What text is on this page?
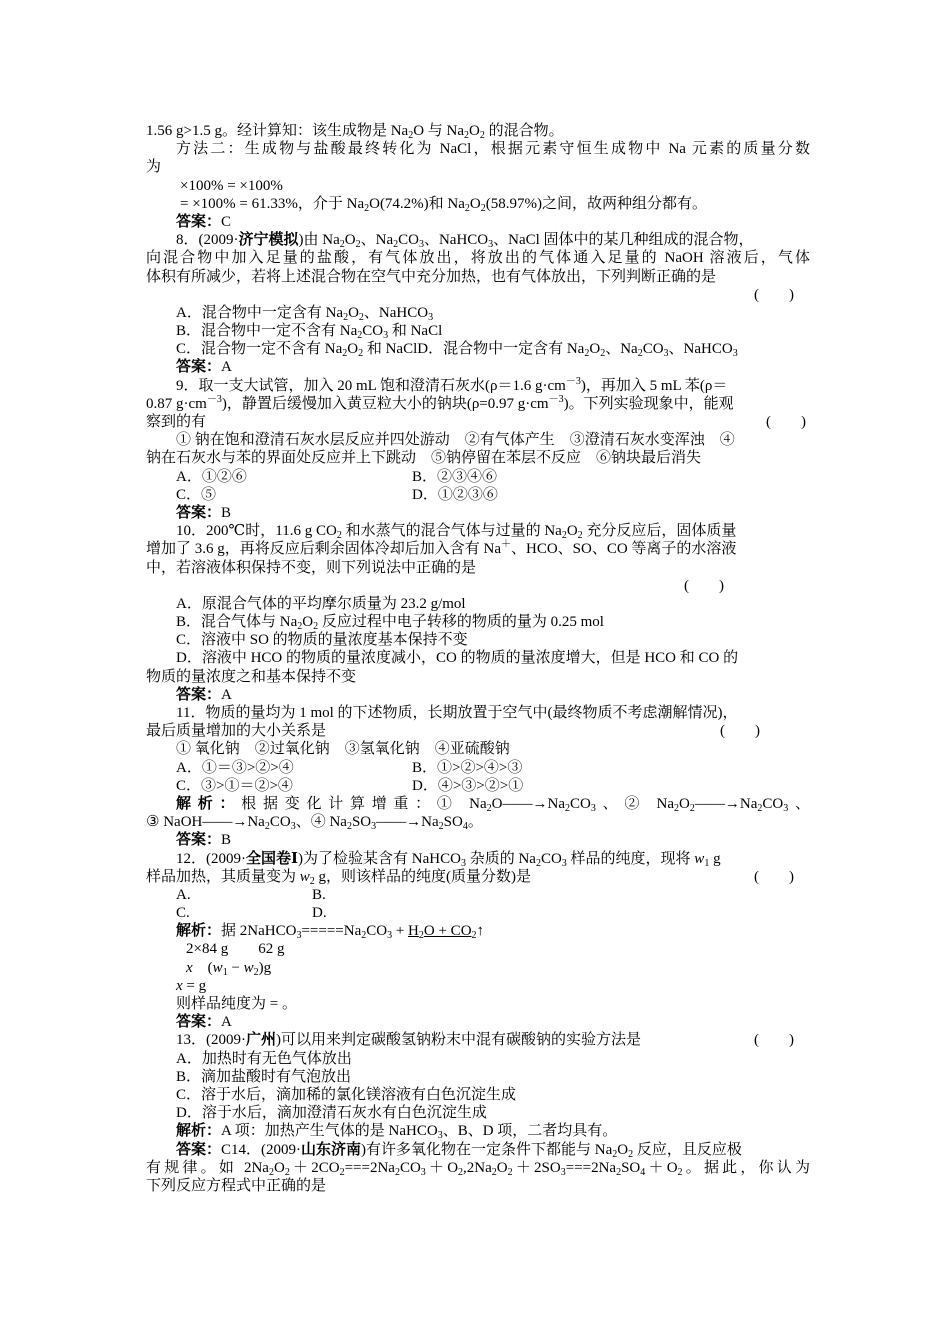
1.56 g>1.5 g。经计算知：该生成物是 $Na_2O$ 与 $Na_2O_2$ 的混合物。
方法二：生成物与盐酸最终转化为 NaCl，根据元素守恒生成物中 Na 元素的质量分数
为
×100% = ×100%
= ×100% = 61.33%，介于 $Na_2O(74.2\%)$和 $Na_2O_2(58.97\%)$之间，故两种组分都有。
答案：C
8．(2009·济宁模拟)由 $Na_2O_2$、$Na_2CO_3$、NaHCO$_3$、NaCl 固体中的某几种组成的混合物，
向混合物中加入足量的盐酸，有气体放出，将放出的气体通入足量的 NaOH 溶液后，气体
体积有所减少，若将上述混合物在空气中充分加热，也有气体放出，下列判断正确的是
(　　)
A．混合物中一定含有 $Na_2O_2$、NaHCO$_3$
B．混合物中一定不含有 $Na_2CO_3$ 和 NaCl
C．混合物一定不含有 $Na_2O_2$ 和 NaClD．混合物中一定含有 $Na_2O_2$、$Na_2CO_3$、NaHCO$_3$
答案：A
9．取一支大试管，加入 20 mL 饱和澄清石灰水(ρ＝1.6 $g\cdot cm^{-3}$)，再加入 5 mL 苯(ρ＝
0.87 $g\cdot cm^{-3}$)，静置后缓慢加入黄豆粒大小的钠块(ρ=0.97 $g\cdot cm^{-3}$)。下列实验现象中，能观
察到的有	(　　)
① 钠在饱和澄清石灰水层反应并四处游动　②有气体产生　③澄清石灰水变浑浊　④
钠在石灰水与苯的界面处反应并上下跳动　⑤钠停留在苯层不反应　⑥钠块最后消失
A．①②⑥	B．②③④⑥
C．⑤	D．①②③⑥
答案：B
10．200℃时，11.6 g $CO_2$ 和水蒸气的混合气体与过量的 $Na_2O_2$ 充分反应后，固体质量
增加了 3.6 g，再将反应后剩余固体冷却后加入含有 Na＋、HCO、SO、CO 等离子的水溶液
中，若溶液体积保持不变，则下列说法中正确的是
(　　)
A．原混合气体的平均摩尔质量为 23.2 g/mol
B．混合气体与 $Na_2O_2$ 反应过程中电子转移的物质的量为 0.25 mol
C．溶液中 SO 的物质的量浓度基本保持不变
D．溶液中 HCO 的物质的量浓度减小，CO 的物质的量浓度增大，但是 HCO 和 CO 的
物质的量浓度之和基本保持不变
答案：A
11．物质的量均为 1 mol 的下述物质，长期放置于空气中(最终物质不考虑潮解情况)，
最后质量增加的大小关系是	(　　)
① 氧化钠　②过氧化钠　③氢氧化钠　④亚硫酸钠
A．①＝③>②>④	B．①>②>④>③
C．③>①＝②>④	D．④>③>②>①
解析：根据变化计算增重：① $Na_2O——\to Na_2CO_3$、② $Na_2O_2——\to Na_2CO_3$、
③ $NaOH——\to Na_2CO_3$、④ $Na_2SO_3——\to Na_2SO_4$。
答案：B
12．(2009·全国卷Ⅰ)为了检验某含有 NaHCO$_3$ 杂质的 $Na_2CO_3$ 样品的纯度，现将 $w_1$ g
样品加热，其质量变为 $w_2$ g，则该样品的纯度(质量分数)是	(　　)
A.	B.
C.	D.
解析：据 $2NaHCO_3=====Na_2CO_3 + H_2O$ + $CO_2↑$
2×84 g　　62 g
x　$(w_1 - w_2)g$
x = g
则样品纯度为 = 。
答案：A
13．(2009·广州)可以用来判定碳酸氢钠粉末中混有碳酸钠的实验方法是	(　　)
A．加热时有无色气体放出
B．滴加盐酸时有气泡放出
C．溶于水后，滴加稀的氯化镁溶液有白色沉淀生成
D．溶于水后，滴加澄清石灰水有白色沉淀生成
解析：A 项：加热产生气体的是 NaHCO$_3$、B、D 项，二者均具有。
答案：C14．(2009·山东济南)有许多氧化物在一定条件下都能与 $Na_2O_2$ 反应，且反应极
有规律。如 $2Na_2O_2+2CO_2===2Na_2CO_3+O_2,2Na_2O_2+2SO_3===2Na_2SO_4+O_2$。据此，你认为
下列反应方程式中正确的是
